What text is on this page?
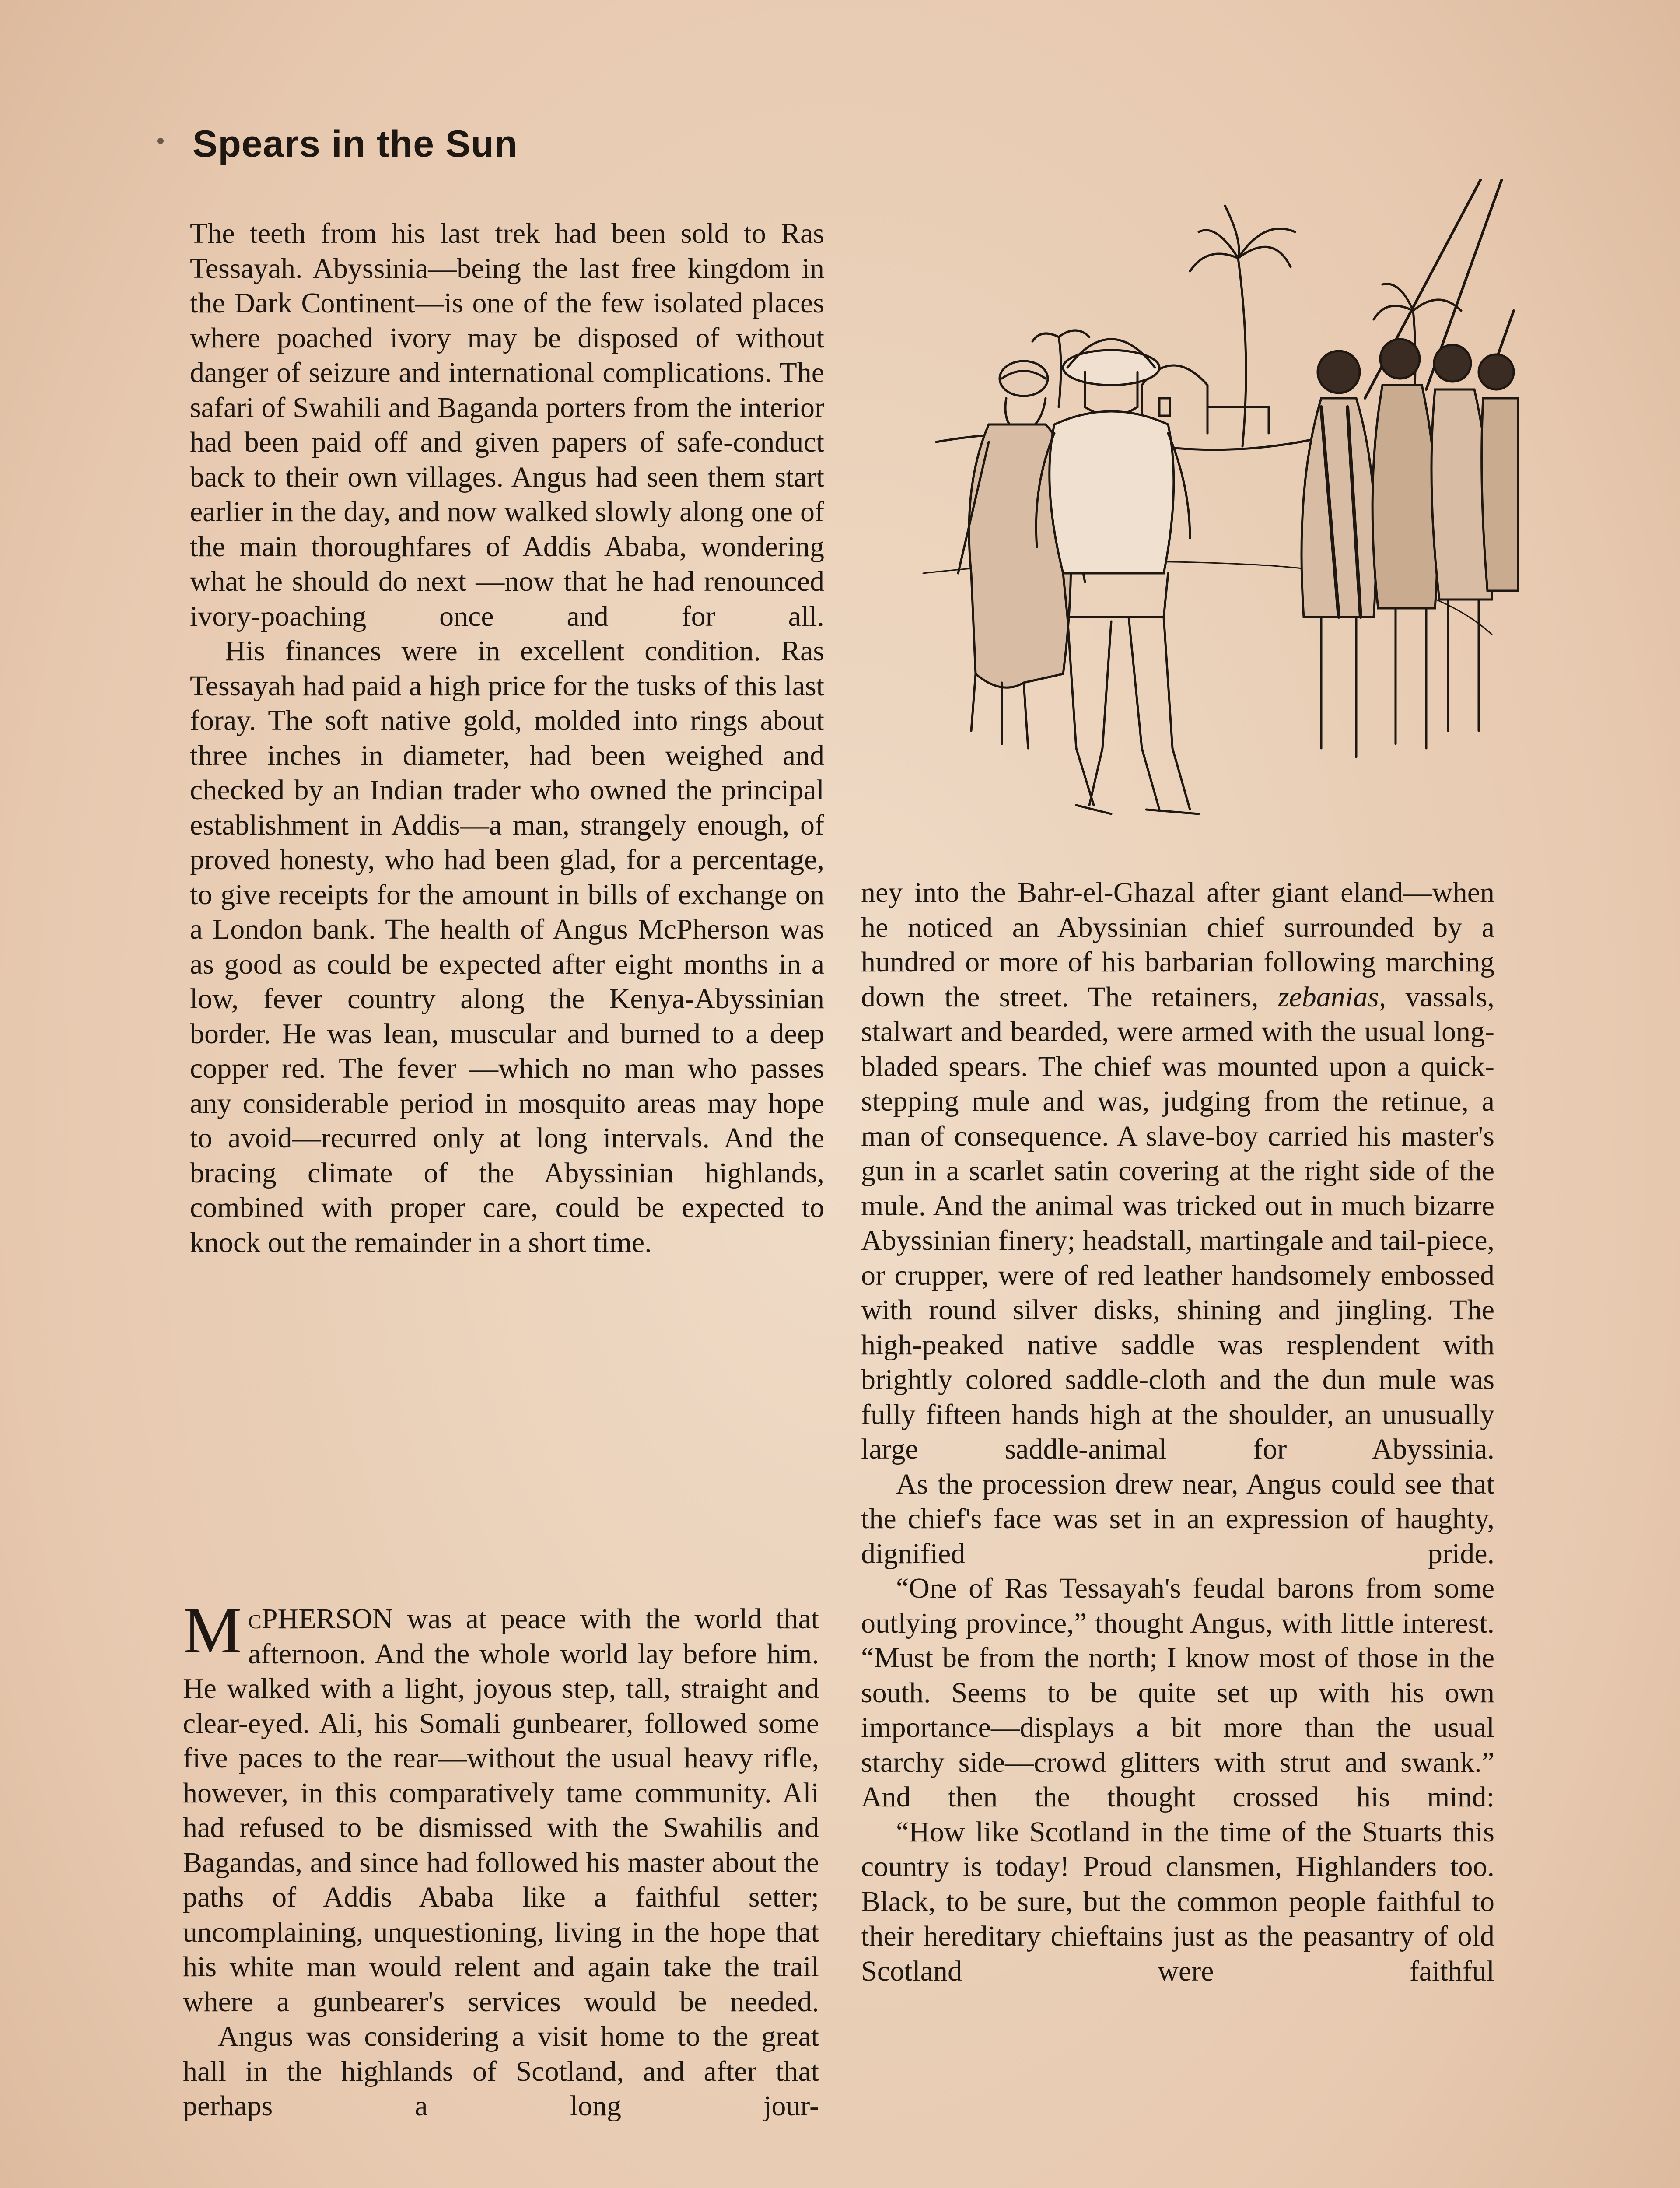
Spears in the Sun

The teeth from his last trek had been sold to Ras Tessayah. Abyssinia—being the last free kingdom in the Dark Continent—is one of the few isolated places where poached ivory may be disposed of without danger of seizure and international complications. The safari of Swahili and Baganda porters from the interior had been paid off and given papers of safe-conduct back to their own villages. Angus had seen them start earlier in the day, and now walked slowly along one of the main thoroughfares of Addis Ababa, wondering what he should do next —now that he had renounced ivory-poaching once and for all.

His finances were in excellent condition. Ras Tessayah had paid a high price for the tusks of this last foray. The soft native gold, molded into rings about three inches in diameter, had been weighed and checked by an Indian trader who owned the principal establishment in Addis—a man, strangely enough, of proved honesty, who had been glad, for a percentage, to give receipts for the amount in bills of exchange on a London bank. The health of Angus McPherson was as good as could be expected after eight months in a low, fever country along the Kenya-Abyssinian border. He was lean, muscular and burned to a deep copper red. The fever —which no man who passes any considerable period in mosquito areas may hope to avoid—recurred only at long intervals. And the bracing climate of the Abyssinian highlands, combined with proper care, could be expected to knock out the remainder in a short time.

McPHERSON was at peace with the world that afternoon. And the whole world lay before him. He walked with a light, joyous step, tall, straight and clear-eyed. Ali, his Somali gunbearer, followed some five paces to the rear—without the usual heavy rifle, however, in this comparatively tame community. Ali had refused to be dismissed with the Swahilis and Bagandas, and since had followed his master about the paths of Addis Ababa like a faithful setter; uncomplaining, unquestioning, living in the hope that his white man would relent and again take the trail where a gunbearer's services would be needed.

Angus was considering a visit home to the great hall in the highlands of Scotland, and after that perhaps a long jour-

ney into the Bahr-el-Ghazal after giant eland—when he noticed an Abyssinian chief surrounded by a hundred or more of his barbarian following marching down the street. The retainers, zebanias, vassals, stalwart and bearded, were armed with the usual long-bladed spears. The chief was mounted upon a quick-stepping mule and was, judging from the retinue, a man of consequence. A slave-boy carried his master's gun in a scarlet satin covering at the right side of the mule. And the animal was tricked out in much bizarre Abyssinian finery; headstall, martingale and tail-piece, or crupper, were of red leather handsomely embossed with round silver disks, shining and jingling. The high-peaked native saddle was resplendent with brightly colored saddle-cloth and the dun mule was fully fifteen hands high at the shoulder, an unusually large saddle-animal for Abyssinia.

As the procession drew near, Angus could see that the chief's face was set in an expression of haughty, dignified pride.

“One of Ras Tessayah's feudal barons from some outlying province,” thought Angus, with little interest. “Must be from the north; I know most of those in the south. Seems to be quite set up with his own importance—displays a bit more than the usual starchy side—crowd glitters with strut and swank.” And then the thought crossed his mind:

“How like Scotland in the time of the Stuarts this country is today! Proud clansmen, Highlanders too. Black, to be sure, but the common people faithful to their hereditary chieftains just as the peasantry of old Scotland were faithful
